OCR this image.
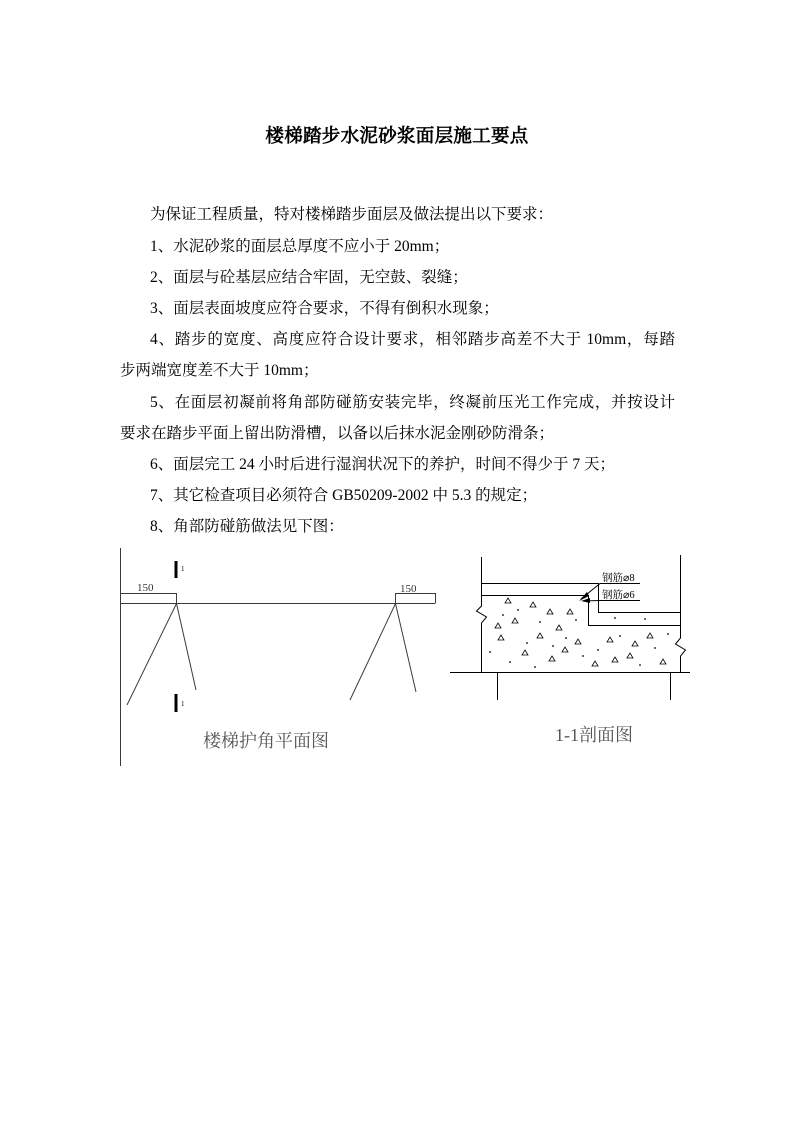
楼梯踏步水泥砂浆面层施工要点
为保证工程质量，特对楼梯踏步面层及做法提出以下要求：
1、水泥砂浆的面层总厚度不应小于 20mm；
2、面层与砼基层应结合牢固，无空鼓、裂缝；
3、面层表面坡度应符合要求，不得有倒积水现象；
4、踏步的宽度、高度应符合设计要求，相邻踏步高差不大于 10mm，每踏
步两端宽度差不大于 10mm；
5、在面层初凝前将角部防碰筋安装完毕，终凝前压光工作完成，并按设计
要求在踏步平面上留出防滑槽，以备以后抹水泥金刚砂防滑条；
6、面层完工 24 小时后进行湿润状况下的养护，时间不得少于 7 天；
7、其它检查项目必须符合 GB50209-2002 中 5.3 的规定；
8、角部防碰筋做法见下图：
150	150
1
1
楼梯护角平面图
钢筋⌀8
钢筋⌀6
1-1剖面图
